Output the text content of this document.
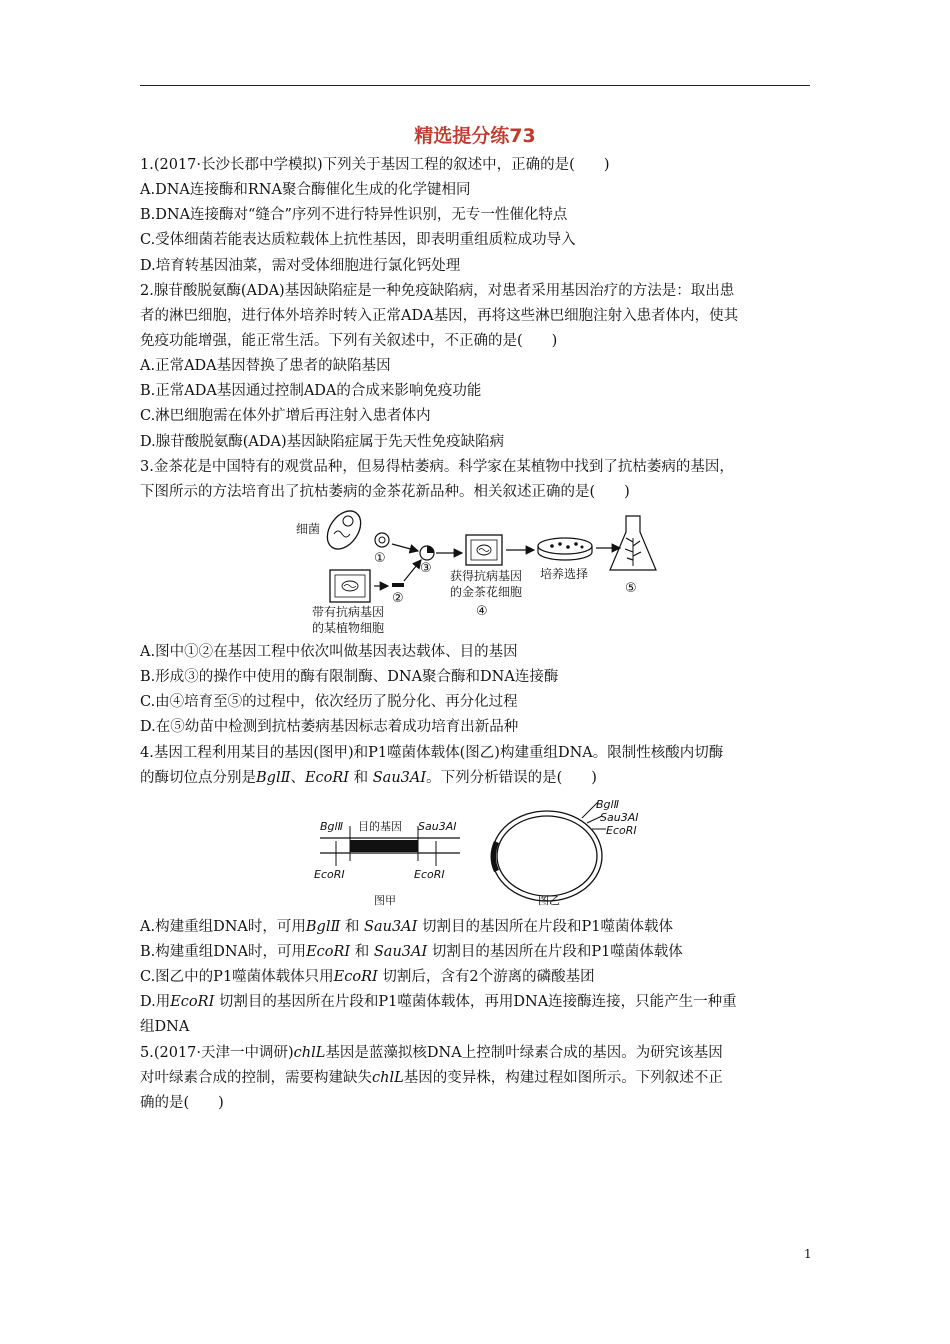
精选提分练73
1.(2017·长沙长郡中学模拟)下列关于基因工程的叙述中，正确的是(　　)
A.DNA连接酶和RNA聚合酶催化生成的化学键相同
B.DNA连接酶对“缝合”序列不进行特异性识别，无专一性催化特点
C.受体细菌若能表达质粒载体上抗性基因，即表明重组质粒成功导入
D.培育转基因油菜，需对受体细胞进行氯化钙处理
2.腺苷酸脱氨酶(ADA)基因缺陷症是一种免疫缺陷病，对患者采用基因治疗的方法是：取出患
者的淋巴细胞，进行体外培养时转入正常ADA基因，再将这些淋巴细胞注射入患者体内，使其
免疫功能增强，能正常生活。下列有关叙述中，不正确的是(　　)
A.正常ADA基因替换了患者的缺陷基因
B.正常ADA基因通过控制ADA的合成来影响免疫功能
C.淋巴细胞需在体外扩增后再注射入患者体内
D.腺苷酸脱氨酶(ADA)基因缺陷症属于先天性免疫缺陷病
3.金茶花是中国特有的观赏品种，但易得枯萎病。科学家在某植物中找到了抗枯萎病的基因，
下图所示的方法培育出了抗枯萎病的金茶花新品种。相关叙述正确的是(　　)
细菌
①
③
⑤
②
带有抗病基因
的某植物细胞
获得抗病基因
的金茶花细胞
④
培养选择
A.图中①②在基因工程中依次叫做基因表达载体、目的基因
B.形成③的操作中使用的酶有限制酶、DNA聚合酶和DNA连接酶
C.由④培育至⑤的过程中，依次经历了脱分化、再分化过程
D.在⑤幼苗中检测到抗枯萎病基因标志着成功培育出新品种
4.基因工程利用某目的基因(图甲)和P1噬菌体载体(图乙)构建重组DNA。限制性核酸内切酶
的酶切位点分别是BglⅡ、EcoRⅠ 和 Sau3AⅠ。下列分析错误的是(　　)
BglⅡ 目的基因 Sau3AⅠ
EcoRⅠ	EcoRⅠ
图甲
BglⅡ
Sau3AⅠ
EcoRⅠ
图乙
A.构建重组DNA时，可用BglⅡ 和 Sau3AⅠ 切割目的基因所在片段和P1噬菌体载体
B.构建重组DNA时，可用EcoRⅠ 和 Sau3AⅠ 切割目的基因所在片段和P1噬菌体载体
C.图乙中的P1噬菌体载体只用EcoRⅠ 切割后，含有2个游离的磷酸基团
D.用EcoRⅠ 切割目的基因所在片段和P1噬菌体载体，再用DNA连接酶连接，只能产生一种重
组DNA
5.(2017·天津一中调研)chlL基因是蓝藻拟核DNA上控制叶绿素合成的基因。为研究该基因
对叶绿素合成的控制，需要构建缺失chlL基因的变异株，构建过程如图所示。下列叙述不正
确的是(　　)
1
